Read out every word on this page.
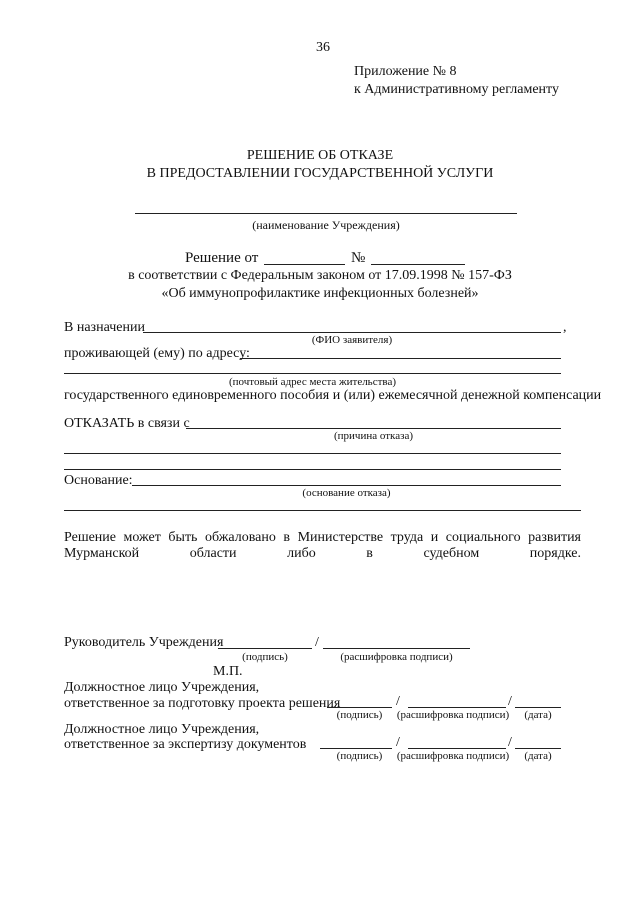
36
Приложение № 8
к Административному регламенту
РЕШЕНИЕ ОБ ОТКАЗЕ
В ПРЕДОСТАВЛЕНИИ ГОСУДАРСТВЕННОЙ УСЛУГИ
(наименование Учреждения)
Решение от	№
в соответствии с Федеральным законом от 17.09.1998 № 157-ФЗ
«Об иммунопрофилактике инфекционных болезней»
В назначении	,
(ФИО заявителя)
проживающей (ему) по адресу:
(почтовый адрес места жительства)
государственного единовременного пособия и (или) ежемесячной денежной компенсации
ОТКАЗАТЬ в связи с
(причина отказа)
Основание:
(основание отказа)
Решение может быть обжаловано в Министерстве труда и социального развития Мурманской области либо в судебном порядке.
Руководитель Учреждения	/
(подпись)	(расшифровка подписи)
М.П.
Должностное лицо Учреждения,
ответственное за подготовку проекта решения	/	/
(подпись)	(расшифровка подписи)	(дата)
Должностное лицо Учреждения,
ответственное за экспертизу документов	/	/
(подпись)	(расшифровка подписи)	(дата)
